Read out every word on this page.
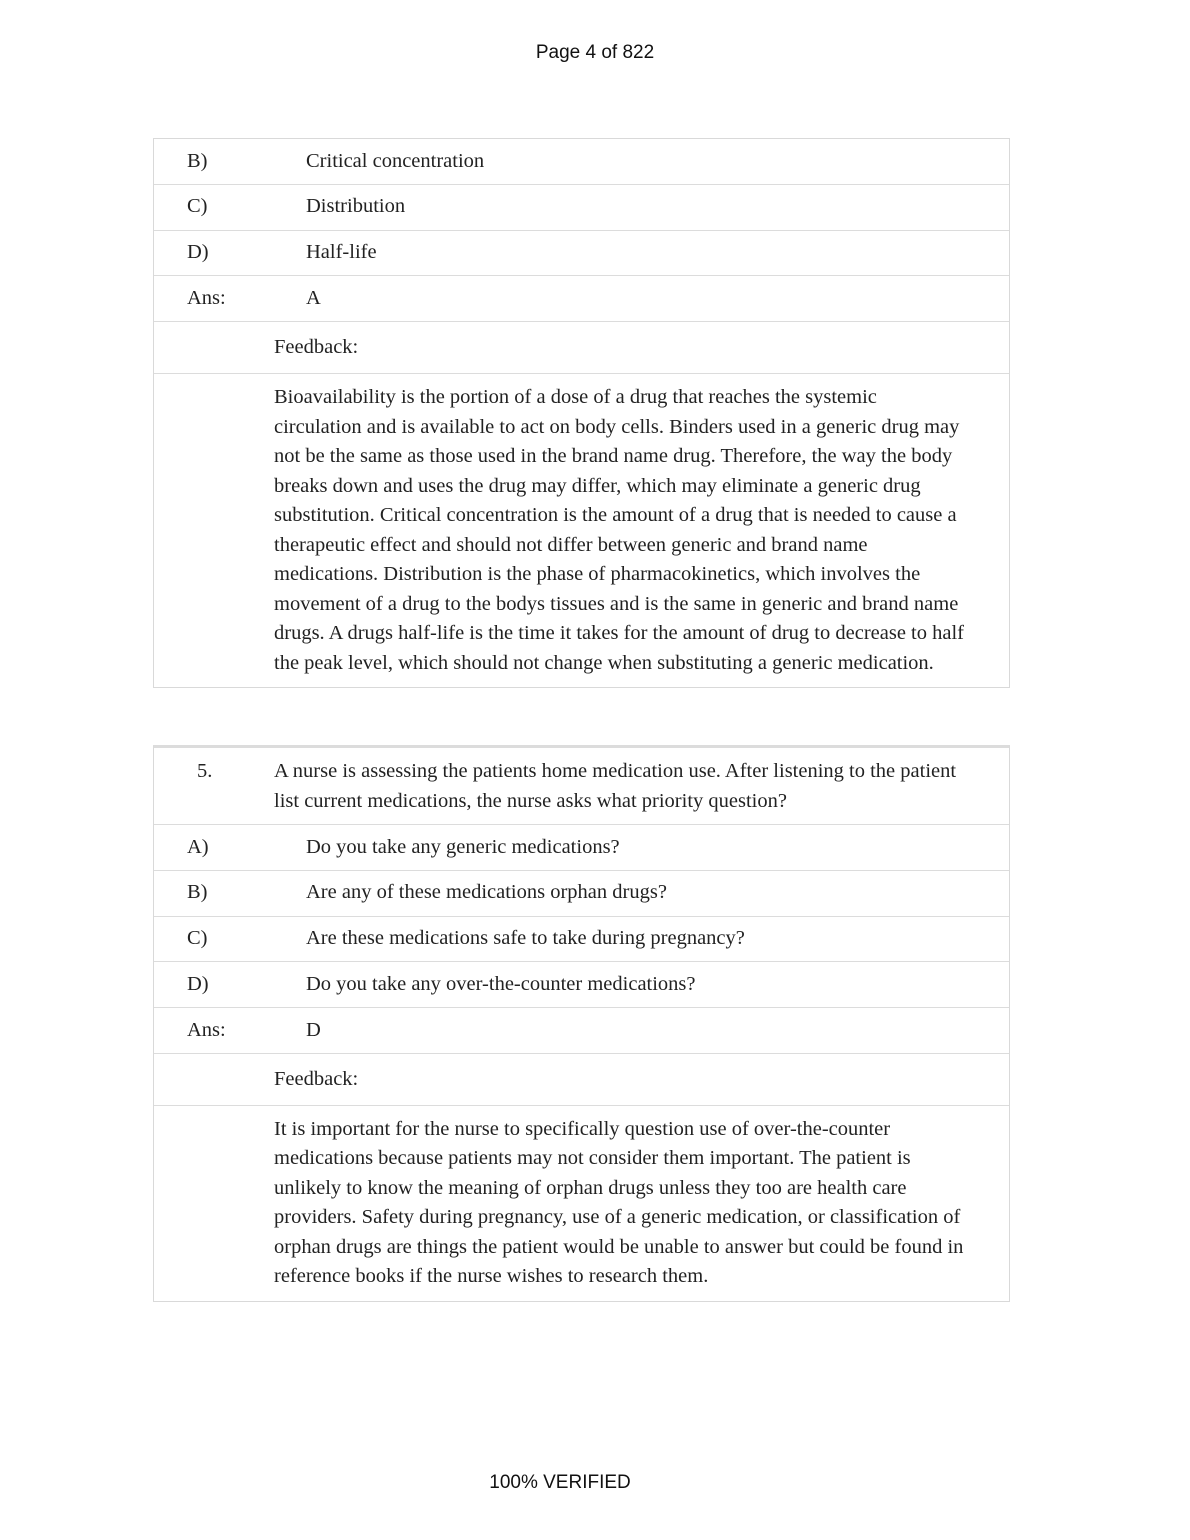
Page 4 of 822
B)	Critical concentration
C)	Distribution
D)	Half-life
Ans:	A
Feedback:
Bioavailability is the portion of a dose of a drug that reaches the systemic circulation and is available to act on body cells. Binders used in a generic drug may not be the same as those used in the brand name drug. Therefore, the way the body breaks down and uses the drug may differ, which may eliminate a generic drug substitution. Critical concentration is the amount of a drug that is needed to cause a therapeutic effect and should not differ between generic and brand name medications. Distribution is the phase of pharmacokinetics, which involves the movement of a drug to the bodys tissues and is the same in generic and brand name drugs. A drugs half-life is the time it takes for the amount of drug to decrease to half the peak level, which should not change when substituting a generic medication.
5.	A nurse is assessing the patients home medication use. After listening to the patient list current medications, the nurse asks what priority question?
A)	Do you take any generic medications?
B)	Are any of these medications orphan drugs?
C)	Are these medications safe to take during pregnancy?
D)	Do you take any over-the-counter medications?
Ans:	D
Feedback:
It is important for the nurse to specifically question use of over-the-counter medications because patients may not consider them important. The patient is unlikely to know the meaning of orphan drugs unless they too are health care providers. Safety during pregnancy, use of a generic medication, or classification of orphan drugs are things the patient would be unable to answer but could be found in reference books if the nurse wishes to research them.
100% VERIFIED
